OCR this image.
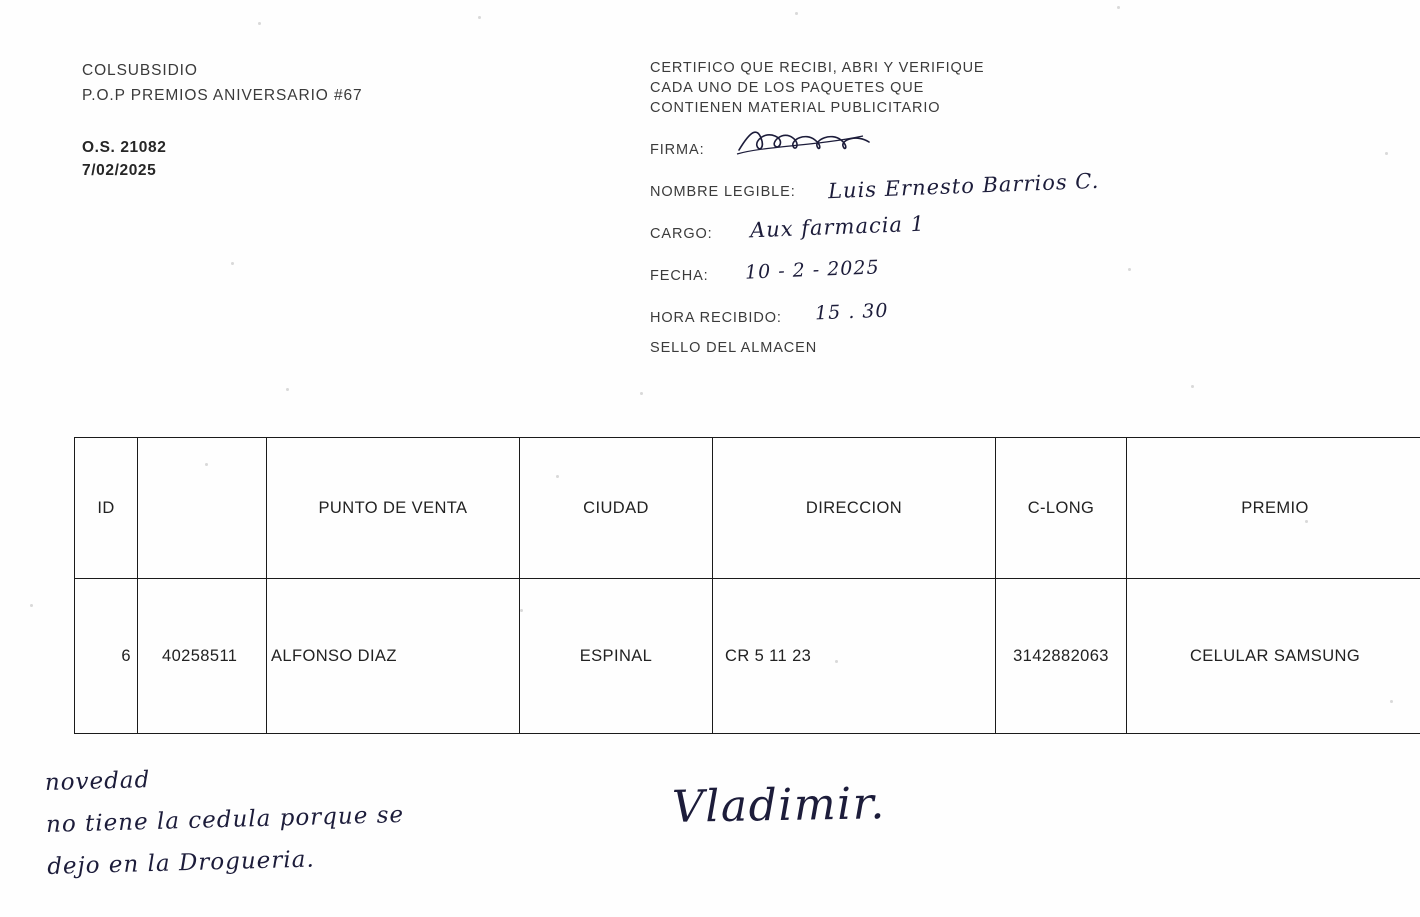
COLSUBSIDIO
P.O.P PREMIOS ANIVERSARIO #67
O.S. 21082
7/02/2025
CERTIFICO QUE RECIBI, ABRI Y VERIFIQUE
CADA UNO DE LOS PAQUETES QUE
CONTIENEN MATERIAL PUBLICITARIO
FIRMA:
NOMBRE LEGIBLE: Luis Ernesto Barrios C.
CARGO: Aux farmacia 1
FECHA: 10 - 2 - 2025
HORA RECIBIDO: 15 . 30
SELLO DEL ALMACEN
ID		PUNTO DE VENTA	CIUDAD	DIRECCION	C-LONG	PREMIO
6	40258511	ALFONSO DIAZ	ESPINAL	CR 5 11 23	3142882063	CELULAR SAMSUNG
novedad
no tiene la cedula porque se
dejo en la Drogueria.
Vladimir.
